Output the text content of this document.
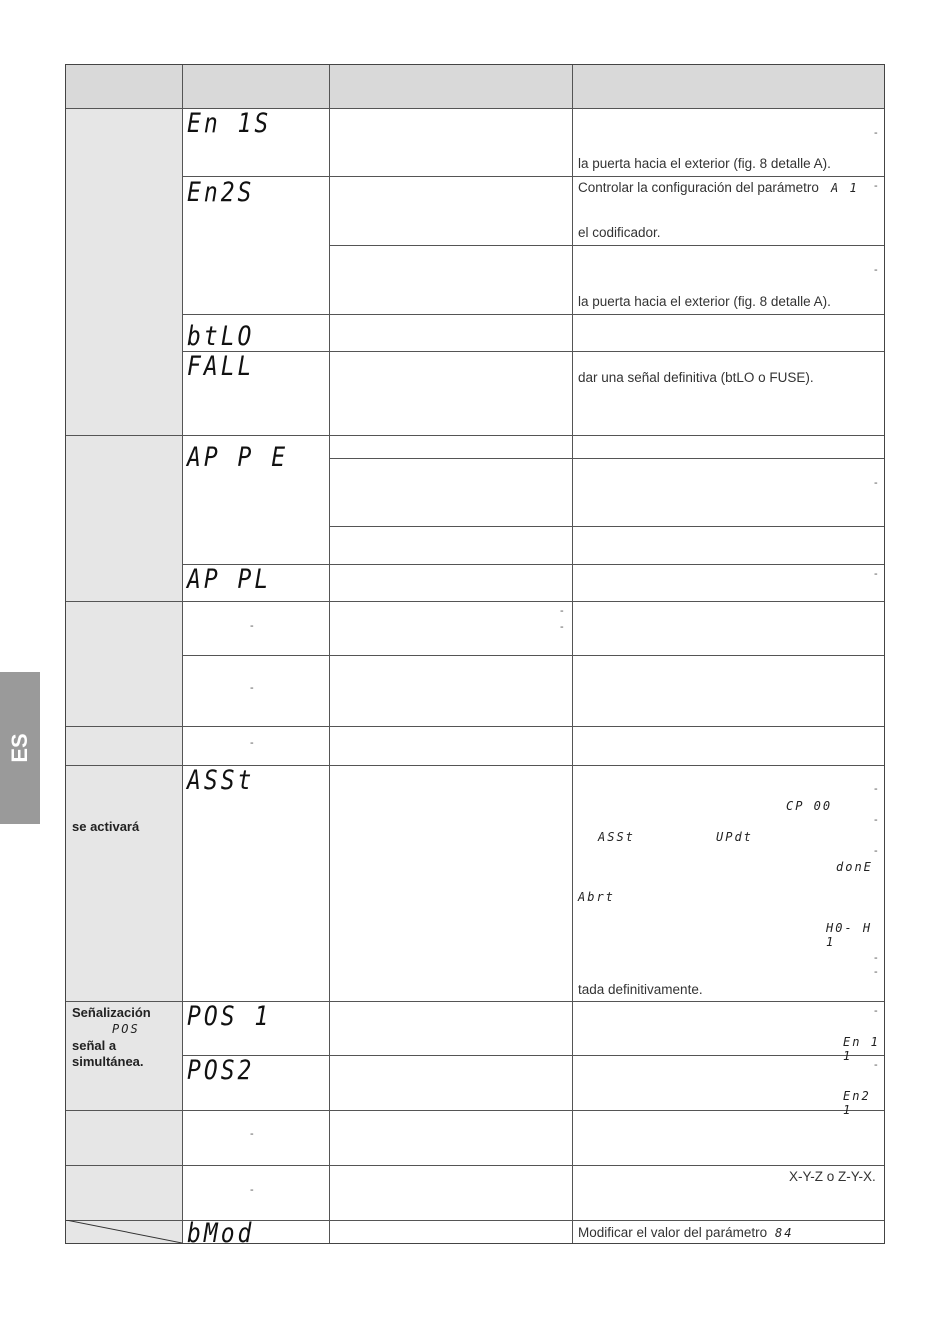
ES
En 1S
En2S
btLO
FALL
AP P E
AP PL
ASSt
POS 1
POS2
bMod
-
-
-
-
-
-
-
-
la puerta hacia el exterior (fig. 8 detalle A).
Controlar la configuración del parámetro A 1 -
el codificador.
-
la puerta hacia el exterior (fig. 8 detalle A).
dar una señal definitiva (btLO o FUSE).
-
-
-
CP 00
-
ASSt	UPdt
-
donE
Abrt
H0- H 1
-
-
tada definitivamente.
se activará
Señalización
POS
señal a
simultánea.
-
En 1 1
-
En2 1
X-Y-Z o Z-Y-X.
Modificar el valor del parámetro 84
